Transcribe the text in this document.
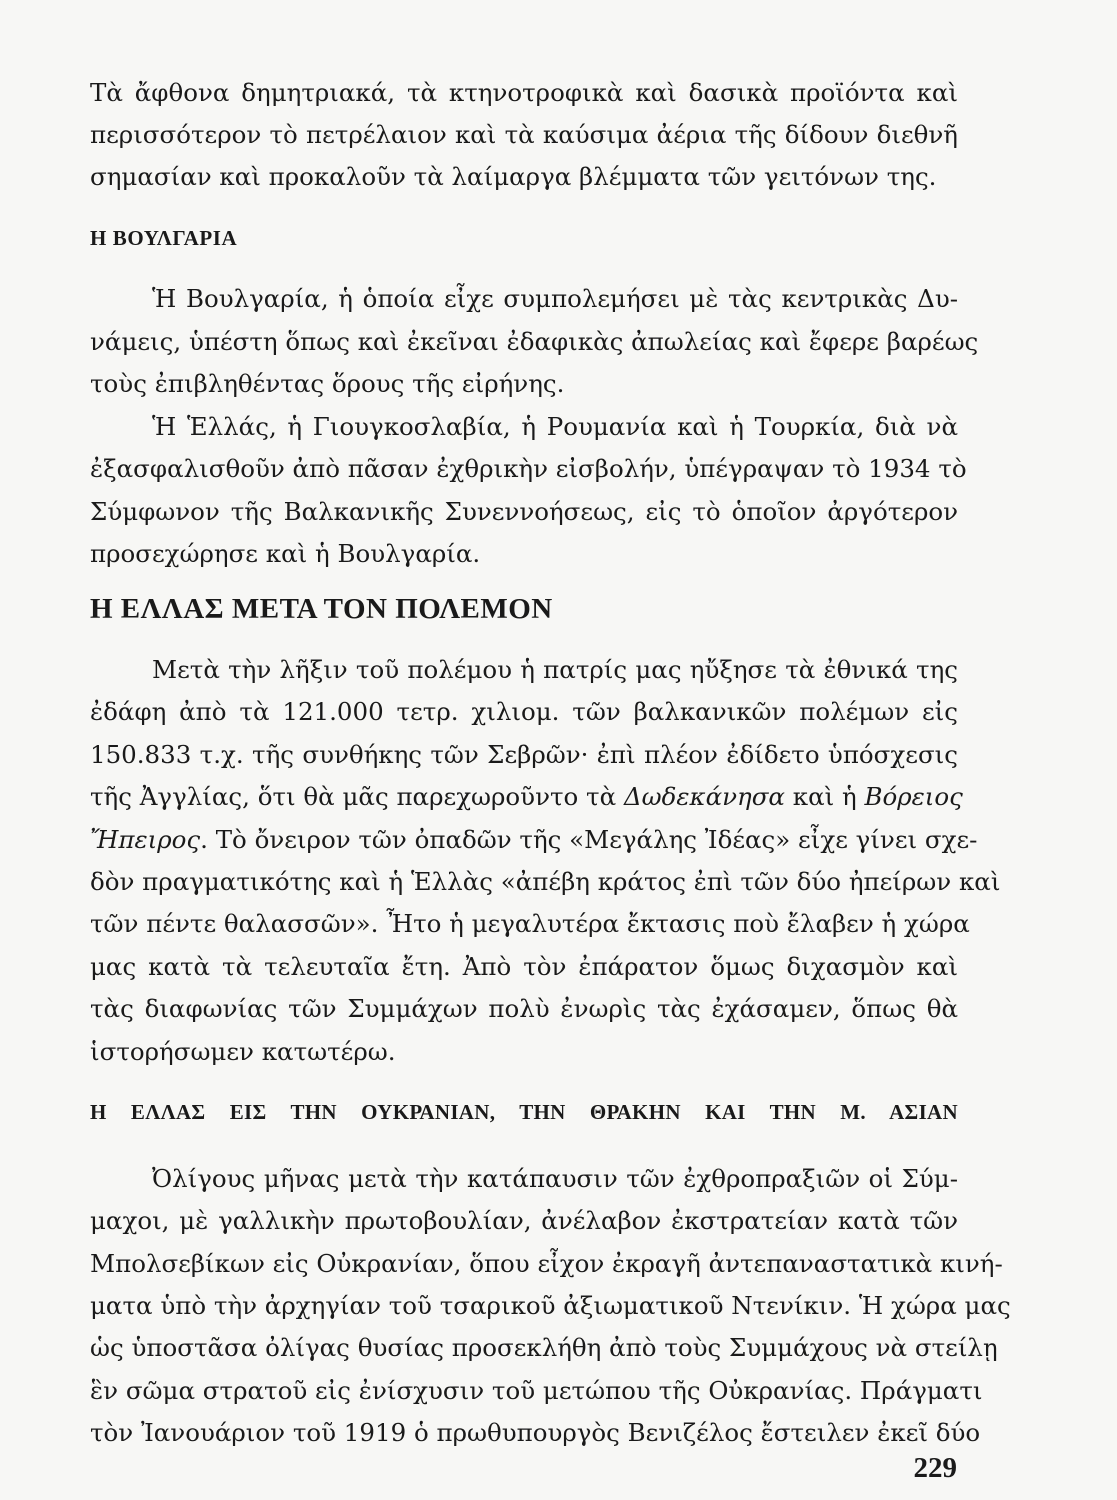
Τὰ ἄφθονα δημητριακά, τὰ κτηνοτροφικὰ καὶ δασικὰ προϊόντα καὶ
περισσότερον τὸ πετρέλαιον καὶ τὰ καύσιμα ἀέρια τῆς δίδουν διεθνῆ
σημασίαν καὶ προκαλοῦν τὰ λαίμαργα βλέμματα τῶν γειτόνων της.
Η ΒΟΥΛΓΑΡΙΑ
Ἡ Βουλγαρία, ἡ ὁποία εἶχε συμπολεμήσει μὲ τὰς κεντρικὰς Δυ-
νάμεις, ὑπέστη ὅπως καὶ ἐκεῖναι ἐδαφικὰς ἀπωλείας καὶ ἔφερε βαρέως
τοὺς ἐπιβληθέντας ὅρους τῆς εἰρήνης.
Ἡ Ἑλλάς, ἡ Γιουγκοσλαβία, ἡ Ρουμανία καὶ ἡ Τουρκία, διὰ νὰ
ἐξασφαλισθοῦν ἀπὸ πᾶσαν ἐχθρικὴν εἰσβολήν, ὑπέγραψαν τὸ 1934 τὸ
Σύμφωνον τῆς Βαλκανικῆς Συνεννοήσεως, εἰς τὸ ὁποῖον ἀργότερον
προσεχώρησε καὶ ἡ Βουλγαρία.
Η ΕΛΛΑΣ ΜΕΤΑ ΤΟΝ ΠΟΛΕΜΟΝ
Μετὰ τὴν λῆξιν τοῦ πολέμου ἡ πατρίς μας ηὔξησε τὰ ἐθνικά της
ἐδάφη ἀπὸ τὰ 121.000 τετρ. χιλιομ. τῶν βαλκανικῶν πολέμων εἰς
150.833 τ.χ. τῆς συνθήκης τῶν Σεβρῶν· ἐπὶ πλέον ἐδίδετο ὑπόσχεσις
τῆς Ἀγγλίας, ὅτι θὰ μᾶς παρεχωροῦντο τὰ Δωδεκάνησα καὶ ἡ Βόρειος
Ἤπειρος. Τὸ ὄνειρον τῶν ὀπαδῶν τῆς «Μεγάλης Ἰδέας» εἶχε γίνει σχε-
δὸν πραγματικότης καὶ ἡ Ἑλλὰς «ἀπέβη κράτος ἐπὶ τῶν δύο ἠπείρων καὶ
τῶν πέντε θαλασσῶν». Ἦτο ἡ μεγαλυτέρα ἔκτασις ποὺ ἔλαβεν ἡ χώρα
μας κατὰ τὰ τελευταῖα ἔτη. Ἀπὸ τὸν ἐπάρατον ὅμως διχασμὸν καὶ
τὰς διαφωνίας τῶν Συμμάχων πολὺ ἐνωρὶς τὰς ἐχάσαμεν, ὅπως θὰ
ἱστορήσωμεν κατωτέρω.
Η ΕΛΛΑΣ ΕΙΣ ΤΗΝ ΟΥΚΡΑΝΙΑΝ, ΤΗΝ ΘΡΑΚΗΝ ΚΑΙ ΤΗΝ Μ. ΑΣΙΑΝ
Ὀλίγους μῆνας μετὰ τὴν κατάπαυσιν τῶν ἐχθροπραξιῶν οἱ Σύμ-
μαχοι, μὲ γαλλικὴν πρωτοβουλίαν, ἀνέλαβον ἐκστρατείαν κατὰ τῶν
Μπολσεβίκων εἰς Οὐκρανίαν, ὅπου εἶχον ἐκραγῆ ἀντεπαναστατικὰ κινή-
ματα ὑπὸ τὴν ἀρχηγίαν τοῦ τσαρικοῦ ἀξιωματικοῦ Ντενίκιν. Ἡ χώρα μας
ὡς ὑποστᾶσα ὀλίγας θυσίας προσεκλήθη ἀπὸ τοὺς Συμμάχους νὰ στείλῃ
ἓν σῶμα στρατοῦ εἰς ἐνίσχυσιν τοῦ μετώπου τῆς Οὐκρανίας. Πράγματι
τὸν Ἰανουάριον τοῦ 1919 ὁ πρωθυπουργὸς Βενιζέλος ἔστειλεν ἐκεῖ δύο
229
